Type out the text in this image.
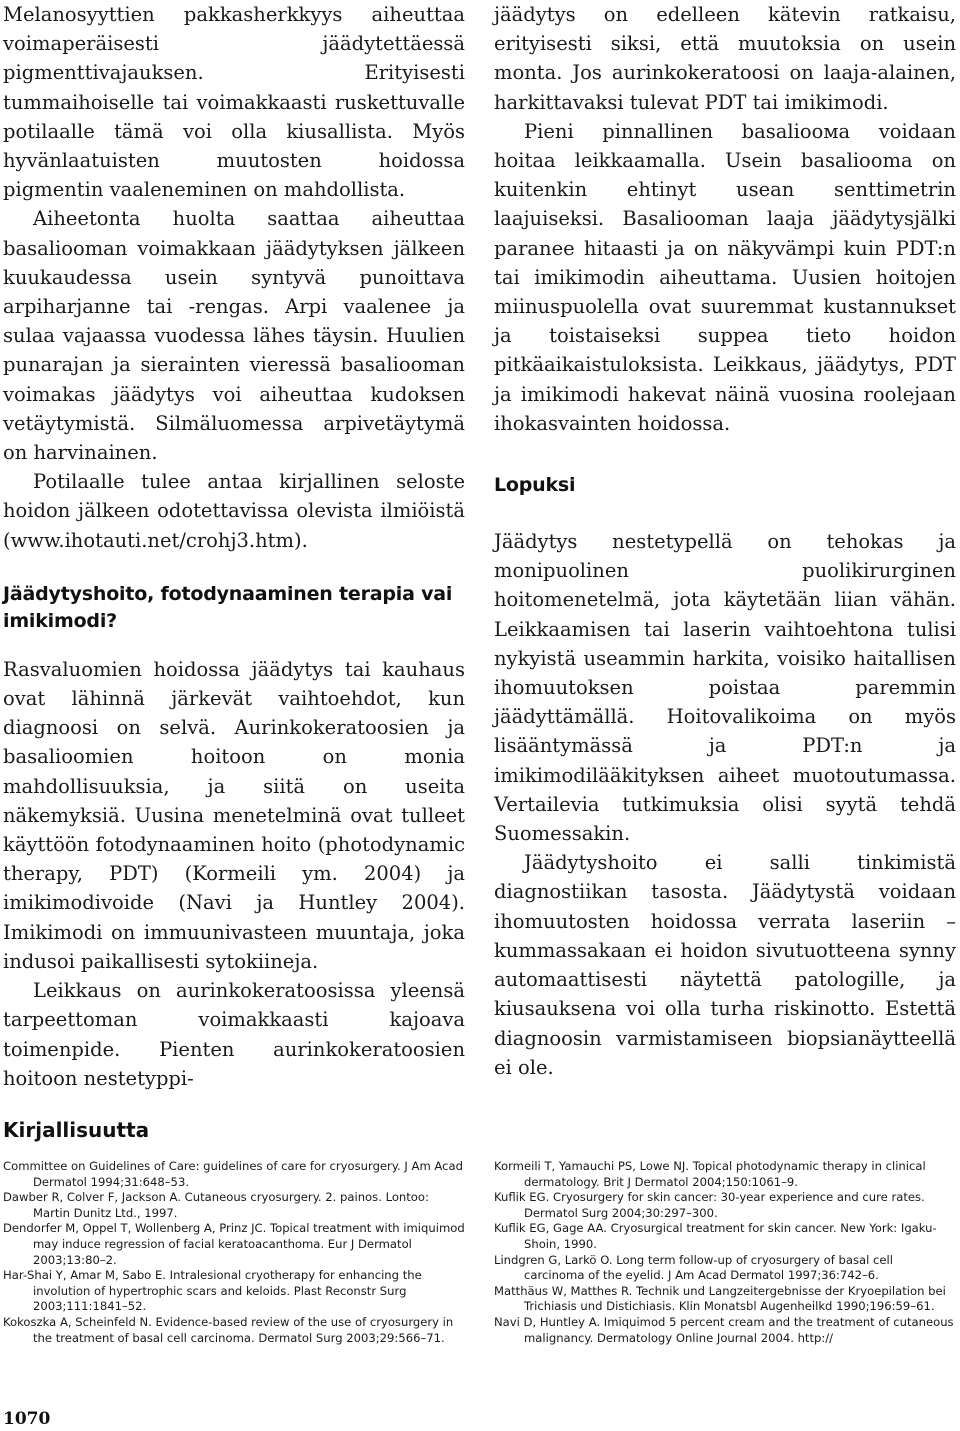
Melanosyyttien pakkasherkkyys aiheuttaa voimaperäisesti jäädytettäessä pigmenttivajauksen. Erityisesti tummaihoiselle tai voimakkaasti ruskettuvalle potilaalle tämä voi olla kiusallista. Myös hyvänlaatuisten muutosten hoidossa pigmentin vaaleneminen on mahdollista.

Aiheetonta huolta saattaa aiheuttaa basaliooman voimakkaan jäädytyksen jälkeen kuukaudessa usein syntyvä punoittava arpiharjanne tai -rengas. Arpi vaalenee ja sulaa vajaassa vuodessa lähes täysin. Huulien punarajan ja sierainten vieressä basaliooman voimakas jäädytys voi aiheuttaa kudoksen vetäytymistä. Silmäluomessa arpivetäytymä on harvinainen.

Potilaalle tulee antaa kirjallinen seloste hoidon jälkeen odotettavissa olevista ilmiöistä (www.ihotauti.net/crohj3.htm).

Jäädytyshoito, fotodynaaminen terapia vai imikimodi?

Rasvaluomien hoidossa jäädytys tai kauhaus ovat lähinnä järkevät vaihtoehdot, kun diagnoosi on selvä. Aurinkokeratoosien ja basalioomien hoitoon on monia mahdollisuuksia, ja siitä on useita näkemyksiä. Uusina menetelminä ovat tulleet käyttöön fotodynaaminen hoito (photodynamic therapy, PDT) (Kormeili ym. 2004) ja imikimodivoide (Navi ja Huntley 2004). Imikimodi on immuunivasteen muuntaja, joka indusoi paikallisesti sytokiineja.

Leikkaus on aurinkokeratoosissa yleensä tarpeettoman voimakkaasti kajoava toimenpide. Pienten aurinkokeratoosien hoitoon nestetyppi-

jäädytys on edelleen kätevin ratkaisu, erityisesti siksi, että muutoksia on usein monta. Jos aurinkokeratoosi on laaja-alainen, harkittavaksi tulevat PDT tai imikimodi.

Pieni pinnallinen basalioома voidaan hoitaa leikkaamalla. Usein basaliooma on kuitenkin ehtinyt usean senttimetrin laajuiseksi. Basaliooman laaja jäädytysjälki paranee hitaasti ja on näkyvämpi kuin PDT:n tai imikimodin aiheuttama. Uusien hoitojen miinuspuolella ovat suuremmat kustannukset ja toistaiseksi suppea tieto hoidon pitkäaikaistuloksista. Leikkaus, jäädytys, PDT ja imikimodi hakevat näinä vuosina roolejaan ihokasvainten hoidossa.

Lopuksi

Jäädytys nestetypellä on tehokas ja monipuolinen puolikirurginen hoitomenetelmä, jota käytetään liian vähän. Leikkaamisen tai laserin vaihtoehtona tulisi nykyistä useammin harkita, voisiko haitallisen ihomuutoksen poistaa paremmin jäädyttämällä. Hoitovalikoima on myös lisääntymässä ja PDT:n ja imikimodilääkityksen aiheet muotoutumassa. Vertailevia tutkimuksia olisi syytä tehdä Suomessakin.

Jäädytyshoito ei salli tinkimistä diagnostiikan tasosta. Jäädytystä voidaan ihomuutosten hoidossa verrata laseriin – kummassakaan ei hoidon sivutuotteena synny automaattisesti näytettä patologille, ja kiusauksena voi olla turha riskinotto. Estettä diagnoosin varmistamiseen biopsianäytteellä ei ole.

Kirjallisuutta

Committee on Guidelines of Care: guidelines of care for cryosurgery. J Am Acad Dermatol 1994;31:648–53.

Dawber R, Colver F, Jackson A. Cutaneous cryosurgery. 2. painos. Lontoo: Martin Dunitz Ltd., 1997.

Dendorfer M, Oppel T, Wollenberg A, Prinz JC. Topical treatment with imiquimod may induce regression of facial keratoacanthoma. Eur J Dermatol 2003;13:80–2.

Har-Shai Y, Amar M, Sabo E. Intralesional cryotherapy for enhancing the involution of hypertrophic scars and keloids. Plast Reconstr Surg 2003;111:1841–52.

Kokoszka A, Scheinfeld N. Evidence-based review of the use of cryosurgery in the treatment of basal cell carcinoma. Dermatol Surg 2003;29:566–71.

Kormeili T, Yamauchi PS, Lowe NJ. Topical photodynamic therapy in clinical dermatology. Brit J Dermatol 2004;150:1061–9.

Kuflik EG. Cryosurgery for skin cancer: 30-year experience and cure rates. Dermatol Surg 2004;30:297–300.

Kuflik EG, Gage AA. Cryosurgical treatment for skin cancer. New York: Igaku-Shoin, 1990.

Lindgren G, Larkö O. Long term follow-up of cryosurgery of basal cell carcinoma of the eyelid. J Am Acad Dermatol 1997;36:742–6.

Matthäus W, Matthes R. Technik und Langzeitergebnisse der Kryoepilation bei Trichiasis und Distichiasis. Klin Monatsbl Augenheilkd 1990;196:59–61.

Navi D, Huntley A. Imiquimod 5 percent cream and the treatment of cutaneous malignancy. Dermatology Online Journal 2004. http://

1070
